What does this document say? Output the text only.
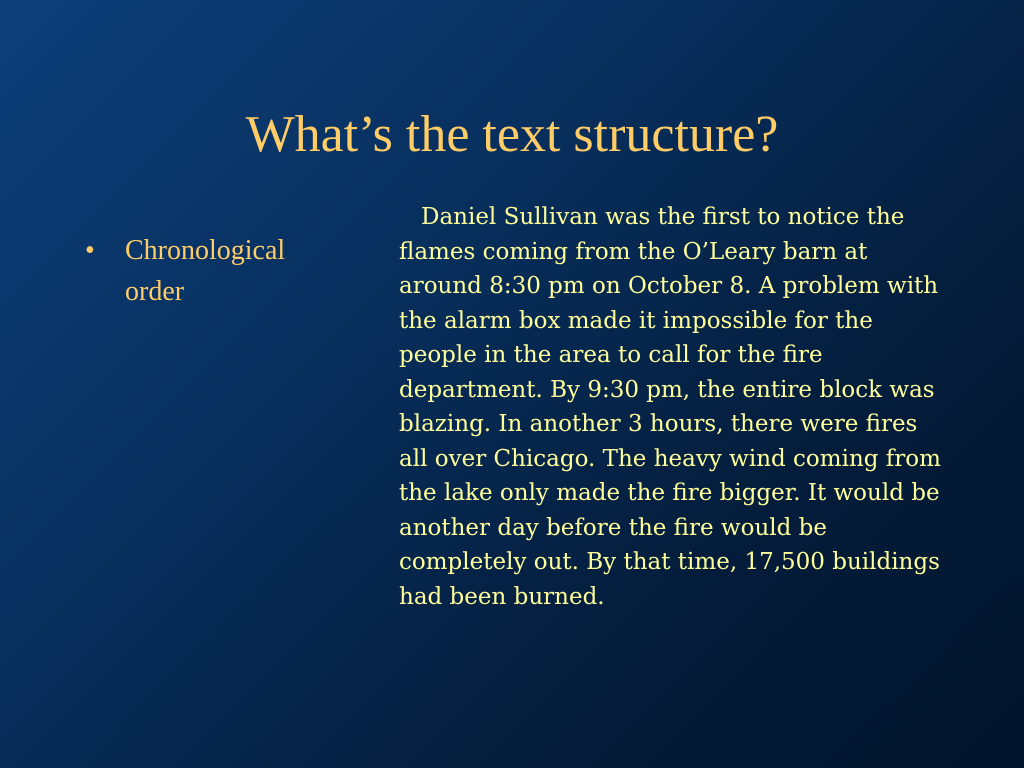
What’s the text structure?
•	Chronological order

Daniel Sullivan was the first to notice the flames coming from the O’Leary barn at around 8:30 pm on October 8. A problem with the alarm box made it impossible for the people in the area to call for the fire department. By 9:30 pm, the entire block was blazing. In another 3 hours, there were fires all over Chicago. The heavy wind coming from the lake only made the fire bigger. It would be another day before the fire would be completely out. By that time, 17,500 buildings had been burned.
